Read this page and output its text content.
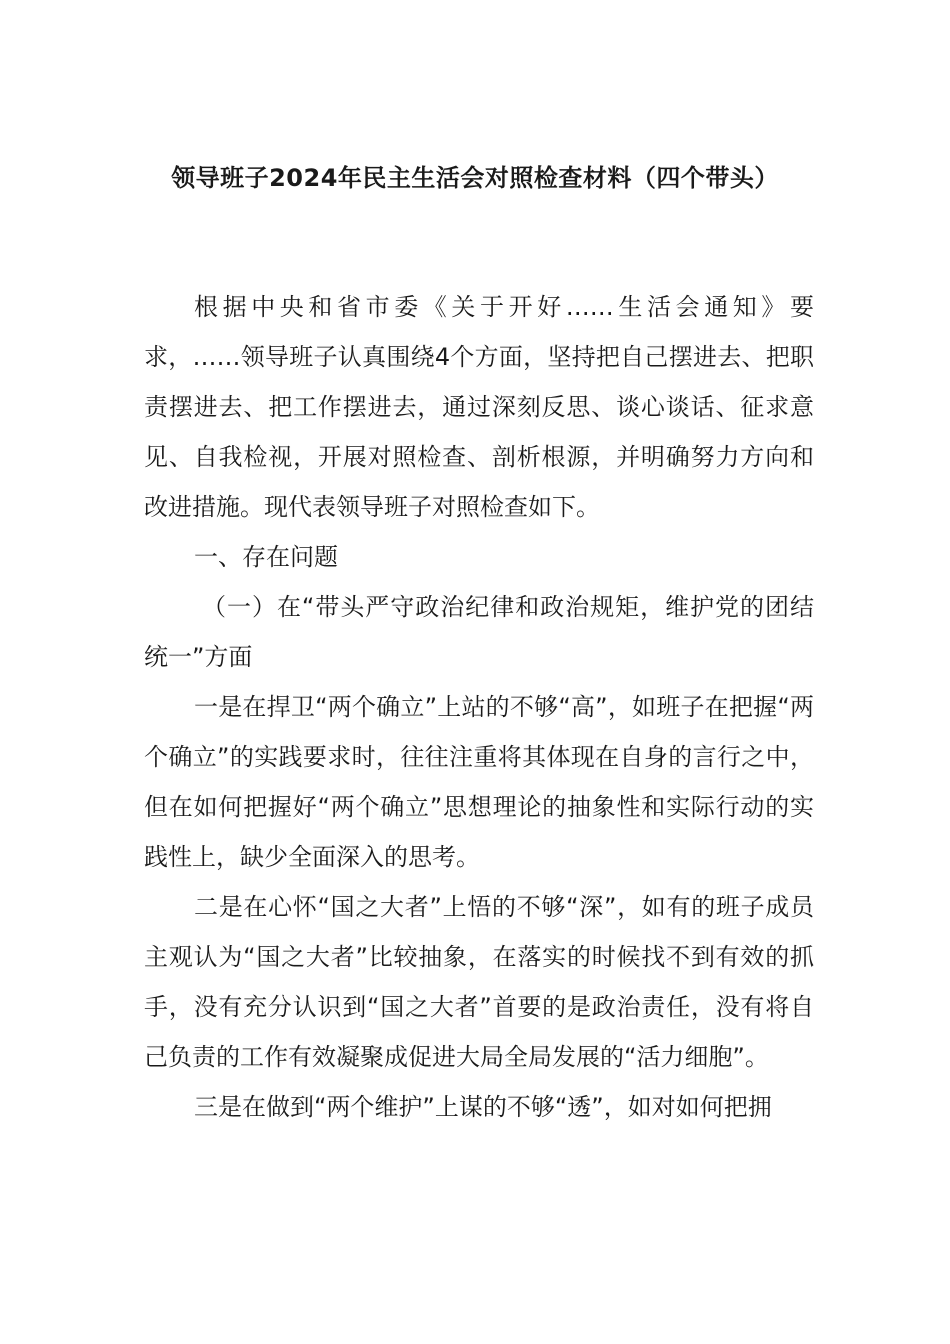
领导班子2024年民主生活会对照检查材料（四个带头）

根据中央和省市委《关于开好……生活会通知》要求，……领导班子认真围绕4个方面，坚持把自己摆进去、把职责摆进去、把工作摆进去，通过深刻反思、谈心谈话、征求意见、自我检视，开展对照检查、剖析根源，并明确努力方向和改进措施。现代表领导班子对照检查如下。

一、存在问题

（一）在“带头严守政治纪律和政治规矩，维护党的团结统一”方面

一是在捍卫“两个确立”上站的不够“高”，如班子在把握“两个确立”的实践要求时，往往注重将其体现在自身的言行之中，但在如何把握好“两个确立”思想理论的抽象性和实际行动的实践性上，缺少全面深入的思考。

二是在心怀“国之大者”上悟的不够“深”，如有的班子成员主观认为“国之大者”比较抽象，在落实的时候找不到有效的抓手，没有充分认识到“国之大者”首要的是政治责任，没有将自己负责的工作有效凝聚成促进大局全局发展的“活力细胞”。

三是在做到“两个维护”上谋的不够“透”，如对如何把拥
